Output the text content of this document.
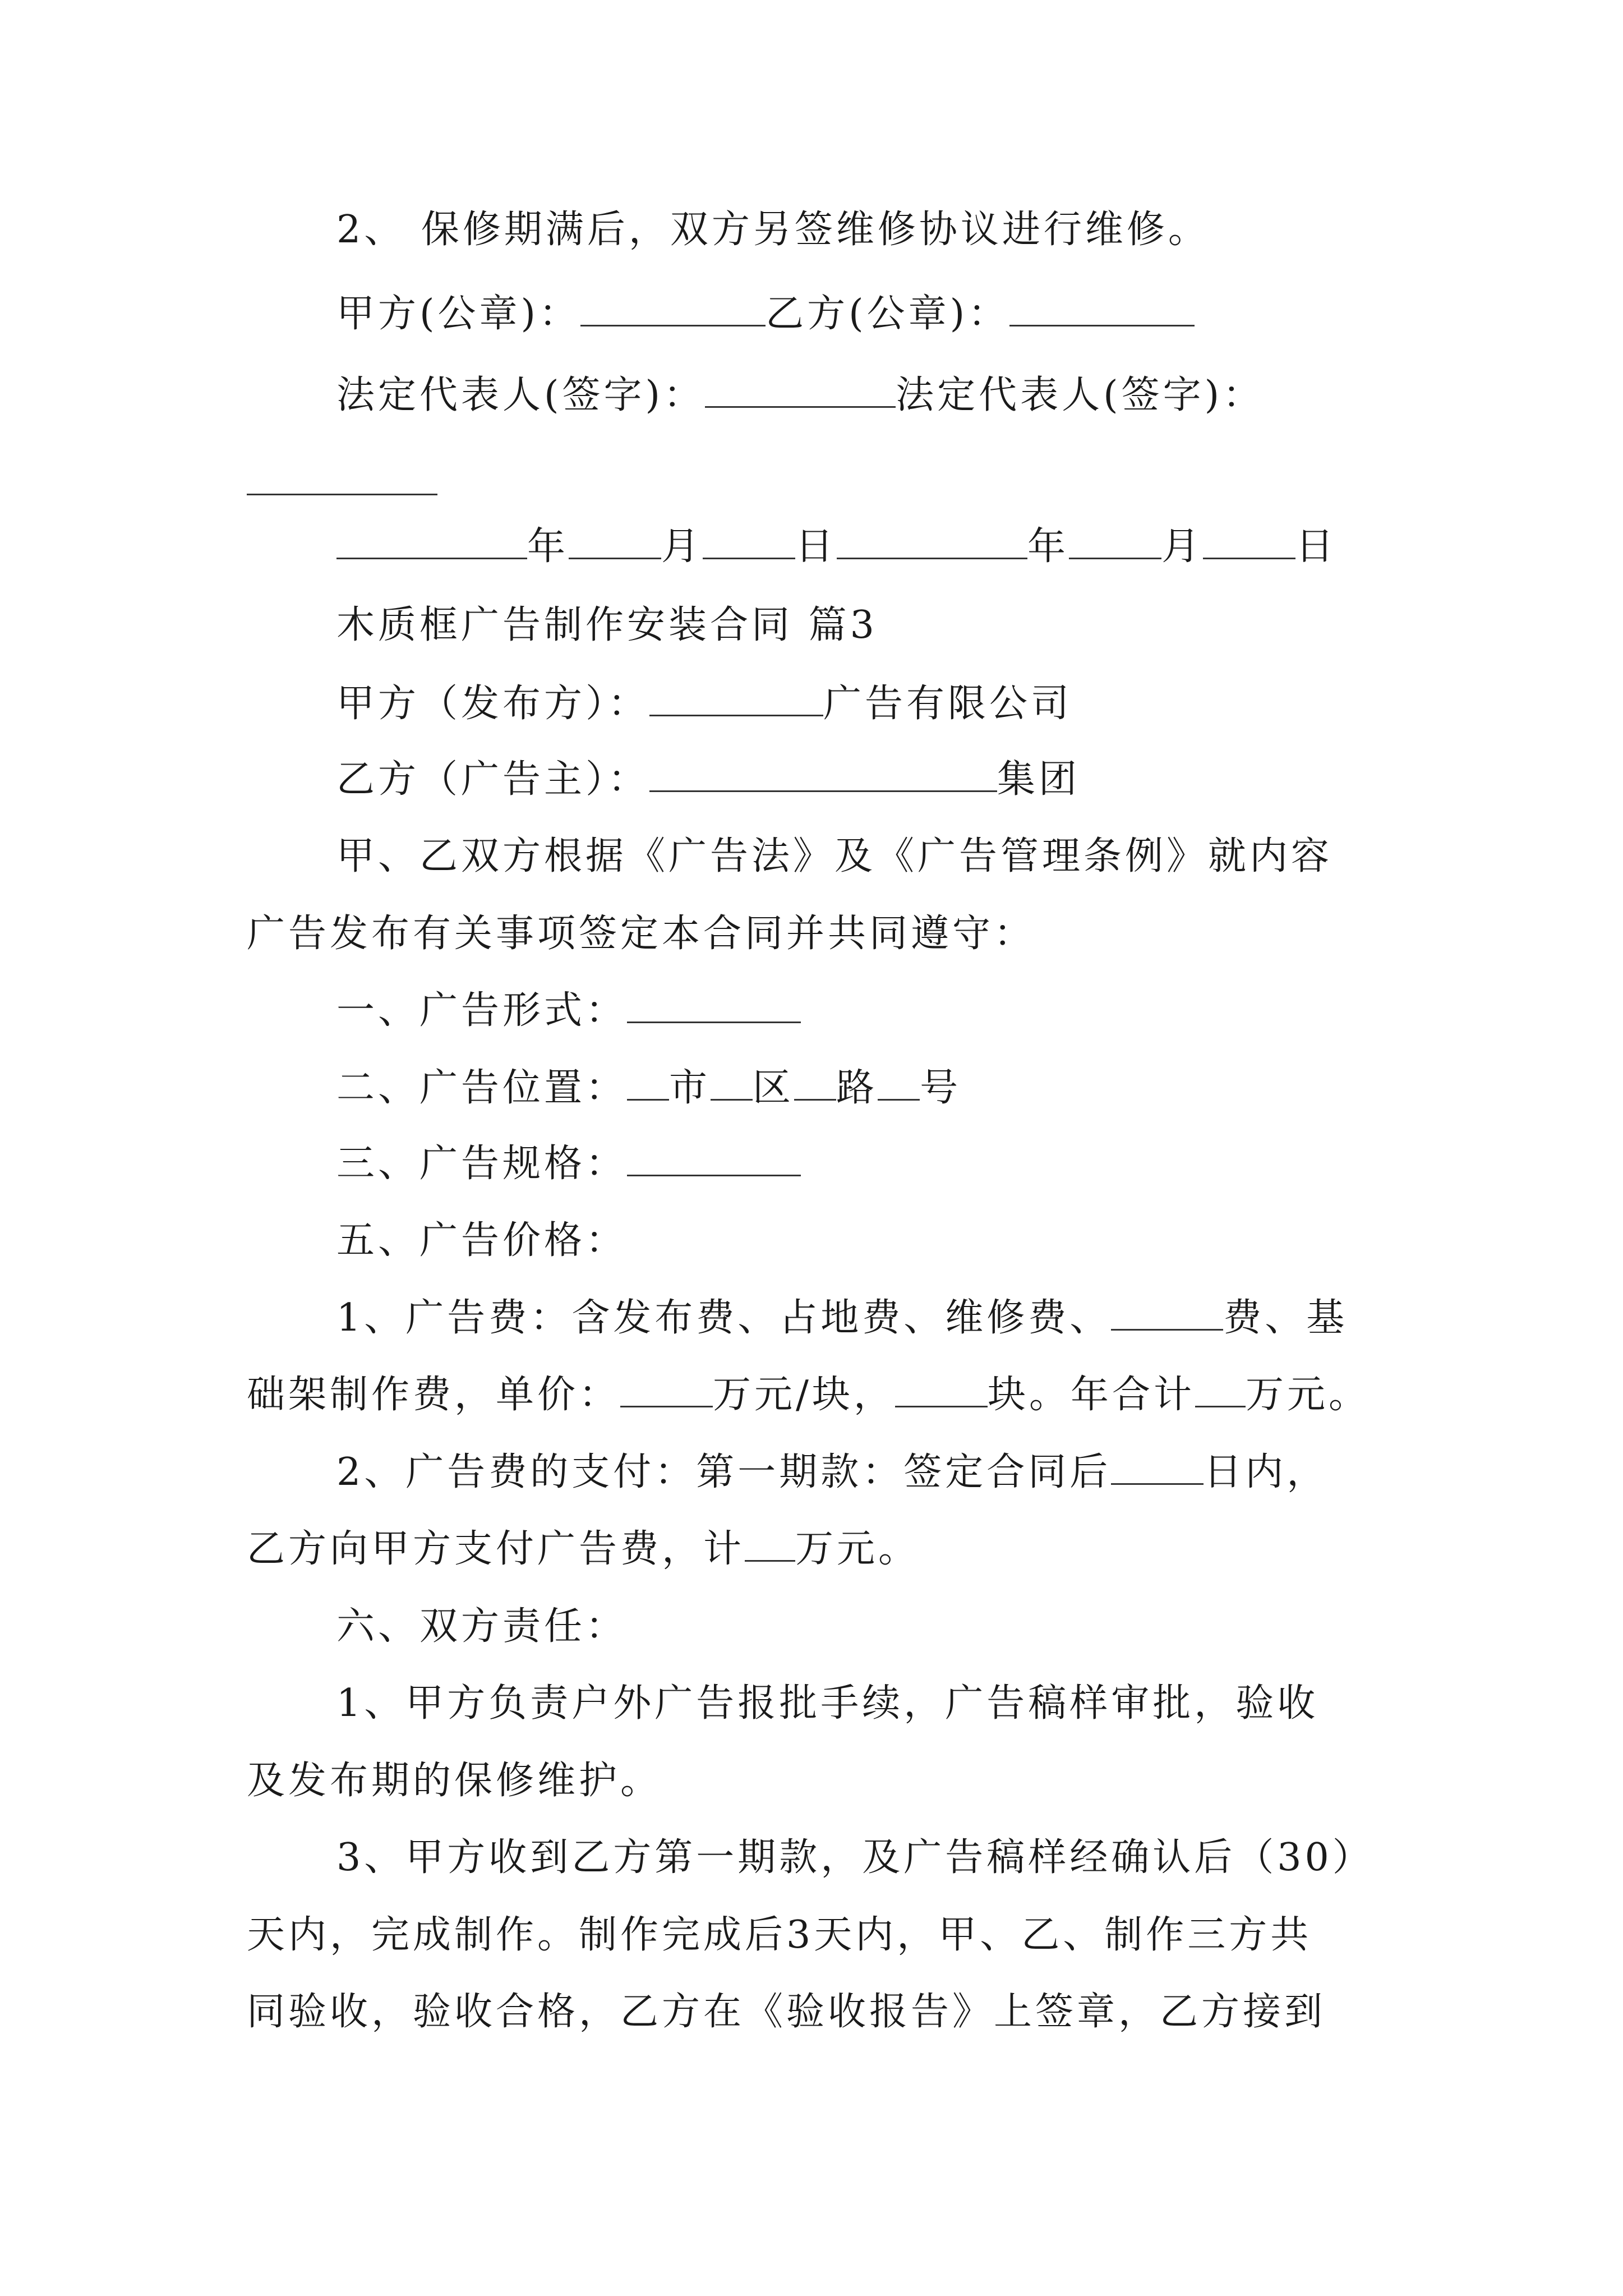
2、 保修期满后，双方另签维修协议进行维修。
甲方(公章)：	乙方(公章)：
法定代表人(签字)：	法定代表人(签字)：
年 月 日	年 月 日
木质框广告制作安装合同 篇3
甲方（发布方）：	广告有限公司
乙方（广告主）：	集团
甲、乙双方根据《广告法》及《广告管理条例》就内容
广告发布有关事项签定本合同并共同遵守：
一、广告形式：
二、广告位置： 市 区 路 号
三、广告规格：
五、广告价格：
1、广告费：含发布费、占地费、维修费、	费、基
础架制作费，单价： 万元/块， 块。年合计 万元。
2、广告费的支付：第一期款：签定合同后 日内，
乙方向甲方支付广告费，计 万元。
六、双方责任：
1、甲方负责户外广告报批手续，广告稿样审批，验收
及发布期的保修维护。
3、甲方收到乙方第一期款，及广告稿样经确认后（30）
天内，完成制作。制作完成后3天内，甲、乙、制作三方共
同验收，验收合格，乙方在《验收报告》上签章，乙方接到
